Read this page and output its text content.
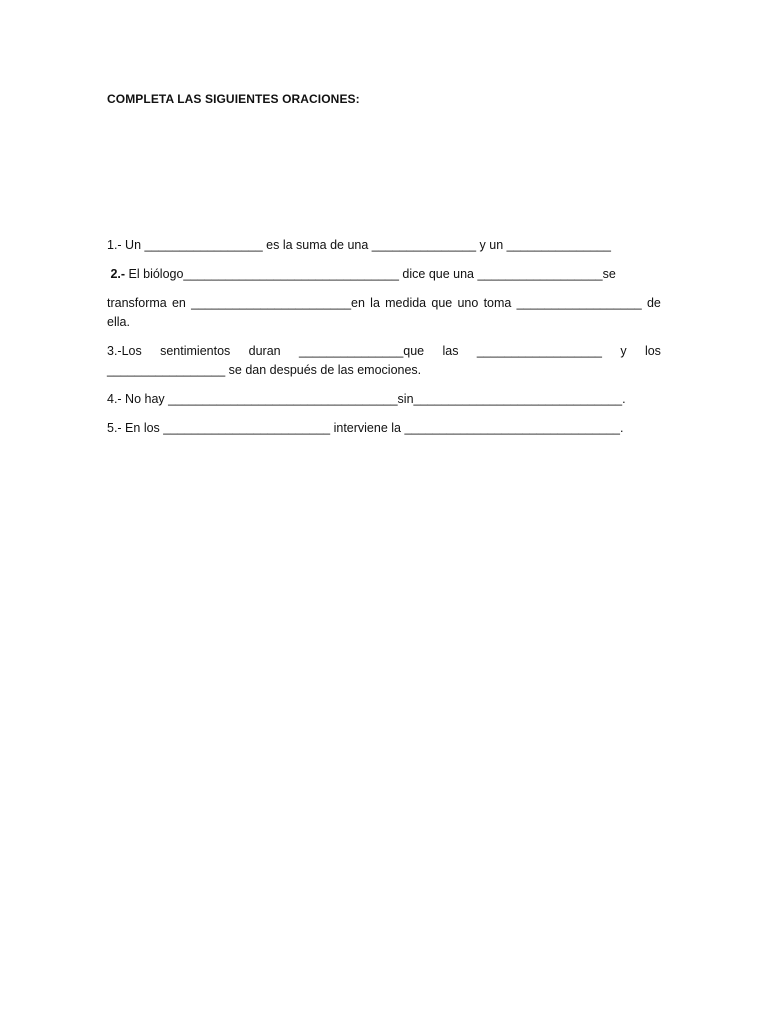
COMPLETA LAS SIGUIENTES ORACIONES:
1.- Un _________________ es la suma de una _______________ y un _______________
2.- El biólogo_______________________________ dice que una __________________se
transforma en _______________________en la medida que uno toma __________________ de
ella.
3.-Los sentimientos duran _______________que las __________________ y los
_________________ se dan después de las emociones.
4.- No hay _________________________________sin______________________________.
5.- En los ________________________ interviene la _______________________________.
